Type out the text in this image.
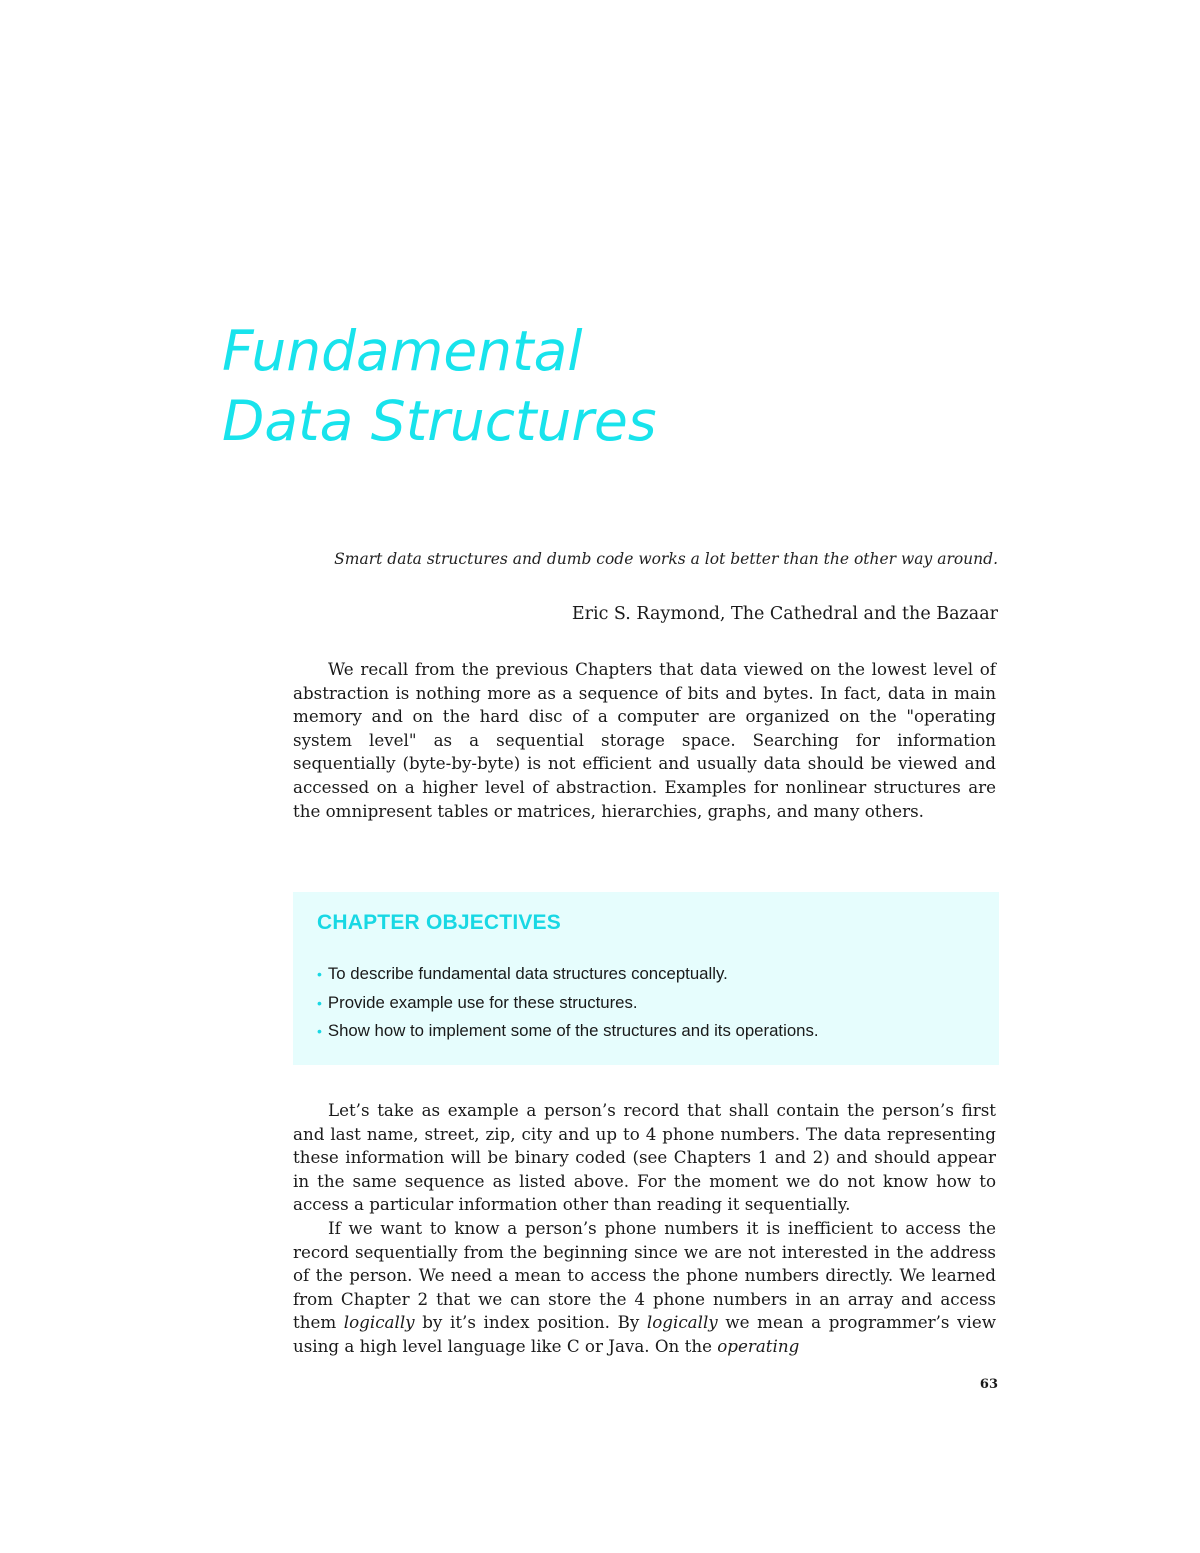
Fundamental
Data Structures
Smart data structures and dumb code works a lot better than the other way around.
Eric S. Raymond, The Cathedral and the Bazaar

We recall from the previous Chapters that data viewed on the lowest level of abstraction is nothing more as a sequence of bits and bytes. In fact, data in main memory and on the hard disc of a computer are organized on the "operating system level" as a sequential storage space. Searching for information sequentially (byte-by-byte) is not efficient and usually data should be viewed and accessed on a higher level of abstraction. Examples for nonlinear structures are the omnipresent tables or matrices, hierarchies, graphs, and many others.

CHAPTER OBJECTIVES
• To describe fundamental data structures conceptually.
• Provide example use for these structures.
• Show how to implement some of the structures and its operations.

Let’s take as example a person’s record that shall contain the person’s first and last name, street, zip, city and up to 4 phone numbers. The data representing these information will be binary coded (see Chapters 1 and 2) and should appear in the same sequence as listed above. For the moment we do not know how to access a particular information other than reading it sequentially.

If we want to know a person’s phone numbers it is inefficient to access the record sequentially from the beginning since we are not interested in the address of the person. We need a mean to access the phone numbers directly. We learned from Chapter 2 that we can store the 4 phone numbers in an array and access them logically by it’s index position. By logically we mean a programmer’s view using a high level language like C or Java. On the operating

63
